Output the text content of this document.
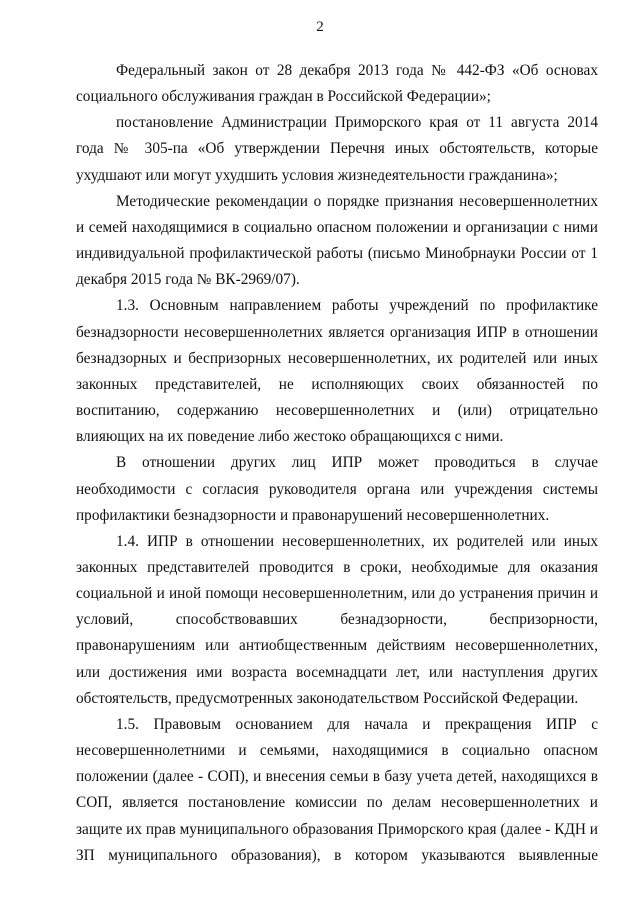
2

Федеральный закон от 28 декабря 2013 года № 442-ФЗ «Об основах социального обслуживания граждан в Российской Федерации»;

постановление Администрации Приморского края от 11 августа 2014 года № 305-па «Об утверждении Перечня иных обстоятельств, которые ухудшают или могут ухудшить условия жизнедеятельности гражданина»;

Методические рекомендации о порядке признания несовершеннолетних и семей находящимися в социально опасном положении и организации с ними индивидуальной профилактической работы (письмо Минобрнауки России от 1 декабря 2015 года № ВК-2969/07).

1.3. Основным направлением работы учреждений по профилактике безнадзорности несовершеннолетних является организация ИПР в отношении безнадзорных и беспризорных несовершеннолетних, их родителей или иных законных представителей, не исполняющих своих обязанностей по воспитанию, содержанию несовершеннолетних и (или) отрицательно влияющих на их поведение либо жестоко обращающихся с ними.

В отношении других лиц ИПР может проводиться в случае необходимости с согласия руководителя органа или учреждения системы профилактики безнадзорности и правонарушений несовершеннолетних.

1.4. ИПР в отношении несовершеннолетних, их родителей или иных законных представителей проводится в сроки, необходимые для оказания социальной и иной помощи несовершеннолетним, или до устранения причин и условий, способствовавших безнадзорности, беспризорности, правонарушениям или антиобщественным действиям несовершеннолетних, или достижения ими возраста восемнадцати лет, или наступления других обстоятельств, предусмотренных законодательством Российской Федерации.

1.5. Правовым основанием для начала и прекращения ИПР с несовершеннолетними и семьями, находящимися в социально опасном положении (далее - СОП), и внесения семьи в базу учета детей, находящихся в СОП, является постановление комиссии по делам несовершеннолетних и защите их прав муниципального образования Приморского края (далее - КДН и ЗП муниципального образования), в котором указываются выявленные
